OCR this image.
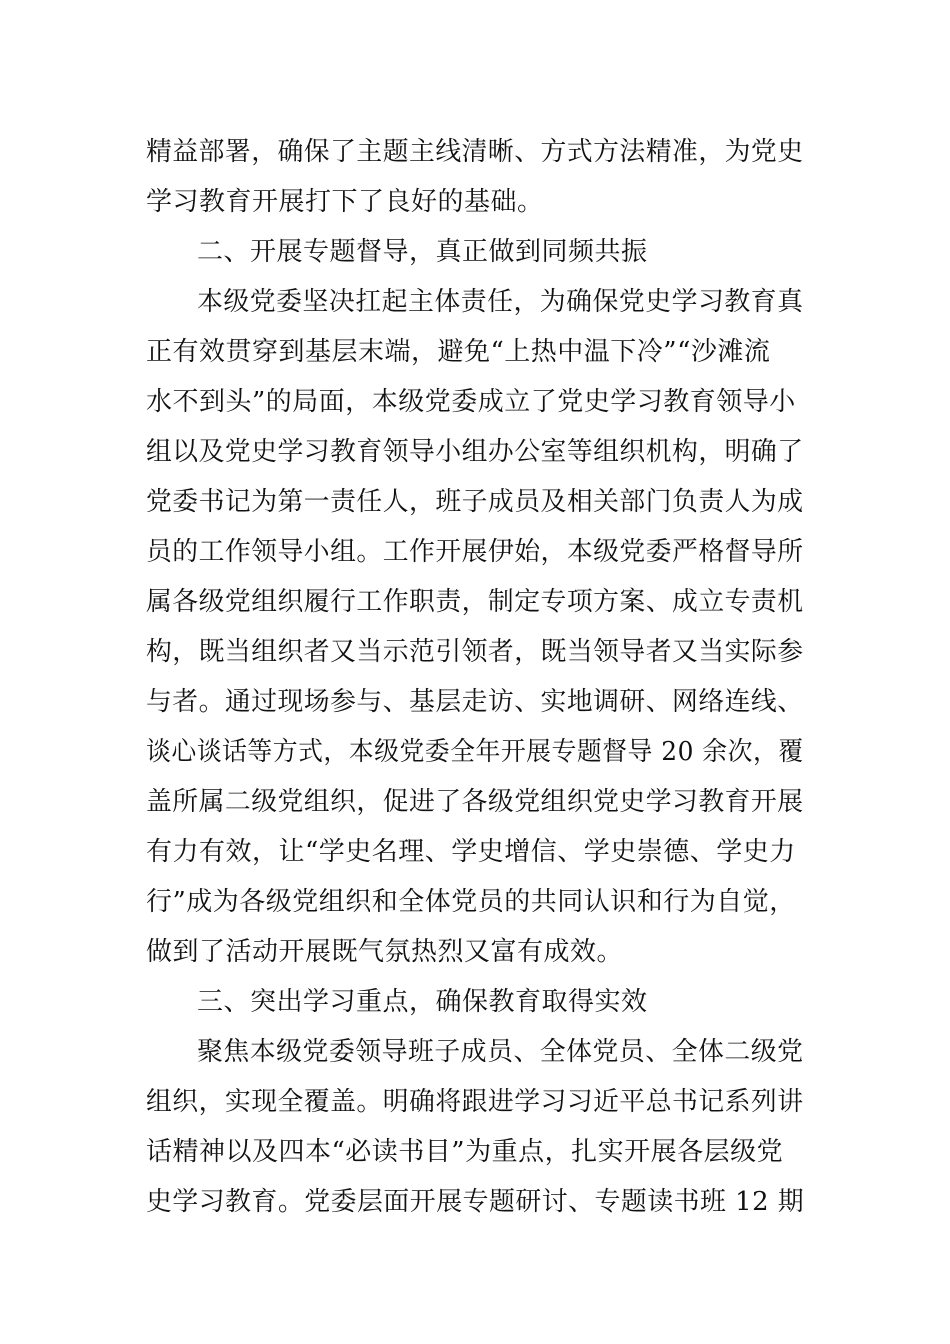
精益部署，确保了主题主线清晰、方式方法精准，为党史
学习教育开展打下了良好的基础。
二、开展专题督导，真正做到同频共振
本级党委坚决扛起主体责任，为确保党史学习教育真
正有效贯穿到基层末端，避免“上热中温下冷”“沙滩流
水不到头”的局面，本级党委成立了党史学习教育领导小
组以及党史学习教育领导小组办公室等组织机构，明确了
党委书记为第一责任人，班子成员及相关部门负责人为成
员的工作领导小组。工作开展伊始，本级党委严格督导所
属各级党组织履行工作职责，制定专项方案、成立专责机
构，既当组织者又当示范引领者，既当领导者又当实际参
与者。通过现场参与、基层走访、实地调研、网络连线、
谈心谈话等方式，本级党委全年开展专题督导 20 余次，覆
盖所属二级党组织，促进了各级党组织党史学习教育开展
有力有效，让“学史名理、学史增信、学史崇德、学史力
行”成为各级党组织和全体党员的共同认识和行为自觉，
做到了活动开展既气氛热烈又富有成效。
三、突出学习重点，确保教育取得实效
聚焦本级党委领导班子成员、全体党员、全体二级党
组织，实现全覆盖。明确将跟进学习习近平总书记系列讲
话精神以及四本“必读书目”为重点，扎实开展各层级党
史学习教育。党委层面开展专题研讨、专题读书班 12 期
